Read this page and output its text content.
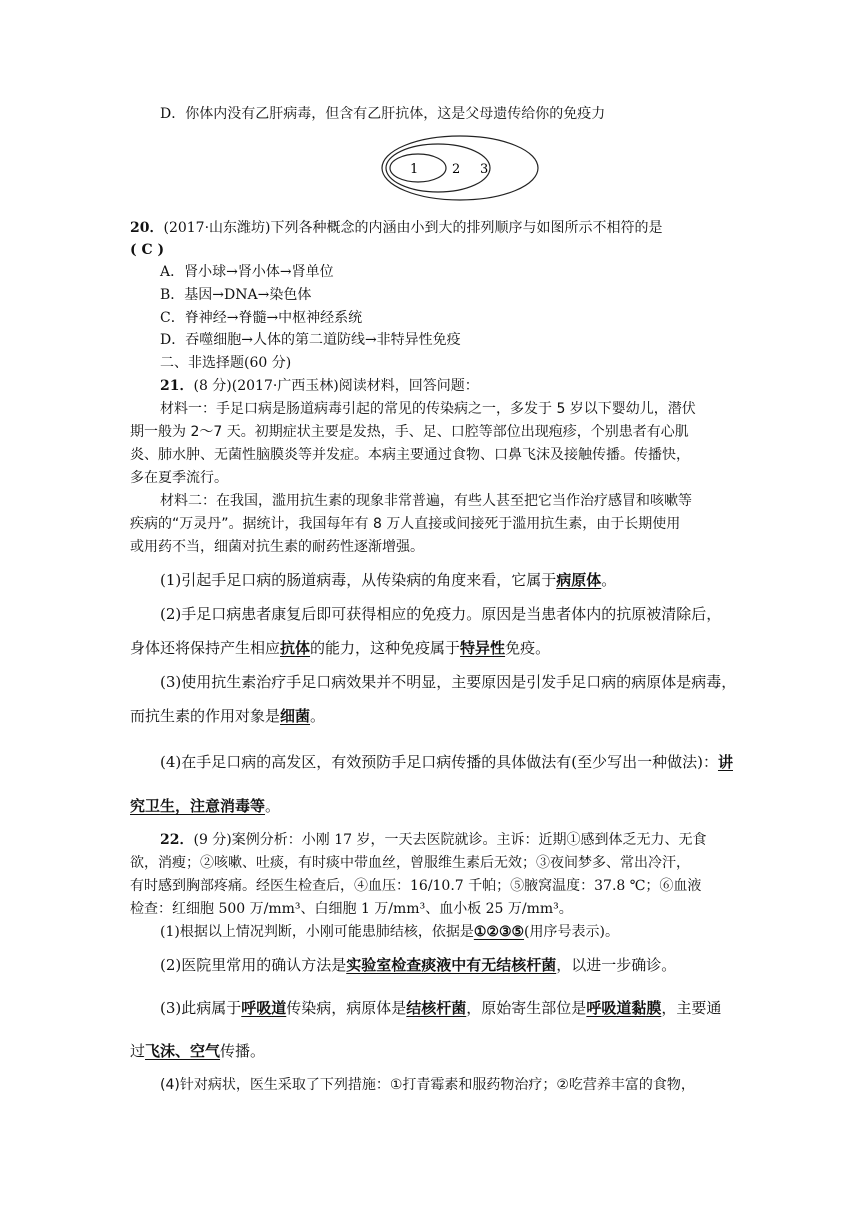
D．你体内没有乙肝病毒，但含有乙肝抗体，这是父母遗传给你的免疫力
1	2 3
20．(2017·山东潍坊)下列各种概念的内涵由小到大的排列顺序与如图所示不相符的是
( C )
A．肾小球→肾小体→肾单位
B．基因→DNA→染色体
C．脊神经→脊髓→中枢神经系统
D．吞噬细胞→人体的第二道防线→非特异性免疫
二、非选择题(60 分)
21．(8 分)(2017·广西玉林)阅读材料，回答问题：
材料一：手足口病是肠道病毒引起的常见的传染病之一，多发于 5 岁以下婴幼儿，潜伏
期一般为 2～7 天。初期症状主要是发热，手、足、口腔等部位出现疱疹，个别患者有心肌
炎、肺水肿、无菌性脑膜炎等并发症。本病主要通过食物、口鼻飞沫及接触传播。传播快，
多在夏季流行。
材料二：在我国，滥用抗生素的现象非常普遍，有些人甚至把它当作治疗感冒和咳嗽等
疾病的“万灵丹”。据统计，我国每年有 8 万人直接或间接死于滥用抗生素，由于长期使用
或用药不当，细菌对抗生素的耐药性逐渐增强。
(1)引起手足口病的肠道病毒，从传染病的角度来看，它属于病原体。
(2)手足口病患者康复后即可获得相应的免疫力。原因是当患者体内的抗原被清除后，
身体还将保持产生相应抗体的能力，这种免疫属于特异性免疫。
(3)使用抗生素治疗手足口病效果并不明显，主要原因是引发手足口病的病原体是病毒，
而抗生素的作用对象是细菌。
(4)在手足口病的高发区，有效预防手足口病传播的具体做法有(至少写出一种做法)：讲
究卫生，注意消毒等。
22．(9 分)案例分析：小刚 17 岁，一天去医院就诊。主诉：近期①感到体乏无力、无食
欲，消瘦；②咳嗽、吐痰，有时痰中带血丝，曾服维生素后无效；③夜间梦多、常出冷汗，
有时感到胸部疼痛。经医生检查后，④血压：16/10.7 千帕；⑤腋窝温度：37.8 ℃；⑥血液
检查：红细胞 500 万/mm³、白细胞 1 万/mm³、血小板 25 万/mm³。
(1)根据以上情况判断，小刚可能患肺结核，依据是①②③⑤(用序号表示)。
(2)医院里常用的确认方法是实验室检查痰液中有无结核杆菌，以进一步确诊。
(3)此病属于呼吸道传染病，病原体是结核杆菌，原始寄生部位是呼吸道黏膜，主要通
过飞沫、空气传播。
(4)针对病状，医生采取了下列措施：①打青霉素和服药物治疗；②吃营养丰富的食物，
